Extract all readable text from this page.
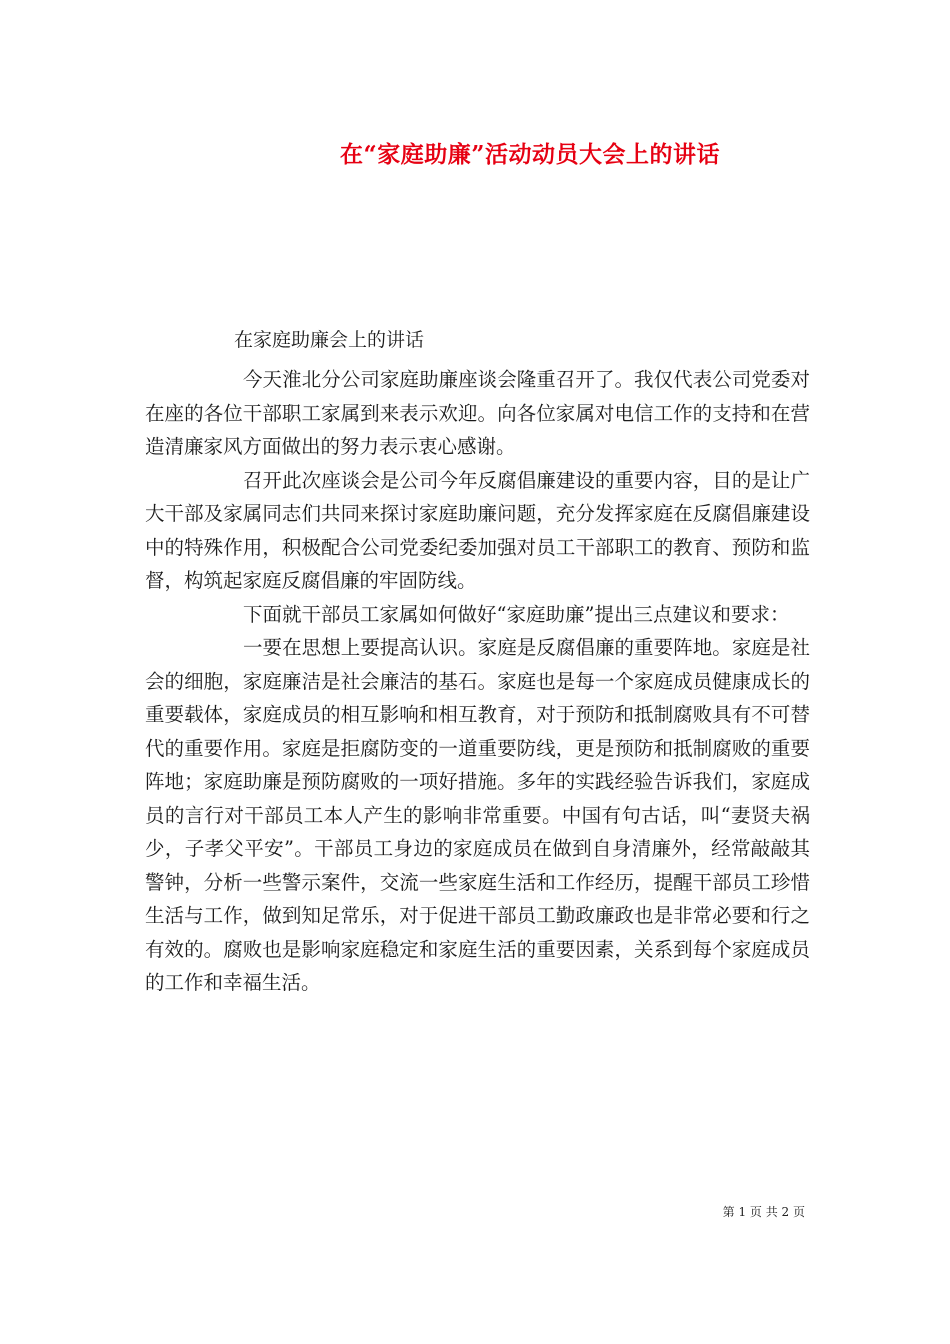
在“家庭助廉”活动动员大会上的讲话
在家庭助廉会上的讲话

今天淮北分公司家庭助廉座谈会隆重召开了。我仅代表公司党委对在座的各位干部职工家属到来表示欢迎。向各位家属对电信工作的支持和在营造清廉家风方面做出的努力表示衷心感谢。

召开此次座谈会是公司今年反腐倡廉建设的重要内容，目的是让广大干部及家属同志们共同来探讨家庭助廉问题，充分发挥家庭在反腐倡廉建设中的特殊作用，积极配合公司党委纪委加强对员工干部职工的教育、预防和监督，构筑起家庭反腐倡廉的牢固防线。

下面就干部员工家属如何做好“家庭助廉”提出三点建议和要求：

一要在思想上要提高认识。家庭是反腐倡廉的重要阵地。家庭是社会的细胞，家庭廉洁是社会廉洁的基石。家庭也是每一个家庭成员健康成长的重要载体，家庭成员的相互影响和相互教育，对于预防和抵制腐败具有不可替代的重要作用。家庭是拒腐防变的一道重要防线，更是预防和抵制腐败的重要阵地；家庭助廉是预防腐败的一项好措施。多年的实践经验告诉我们，家庭成员的言行对干部员工本人产生的影响非常重要。中国有句古话，叫“妻贤夫祸少，子孝父平安”。干部员工身边的家庭成员在做到自身清廉外，经常敲敲其警钟，分析一些警示案件，交流一些家庭生活和工作经历，提醒干部员工珍惜生活与工作，做到知足常乐，对于促进干部员工勤政廉政也是非常必要和行之有效的。腐败也是影响家庭稳定和家庭生活的重要因素，关系到每个家庭成员的工作和幸福生活。

第 1 页 共 2 页
